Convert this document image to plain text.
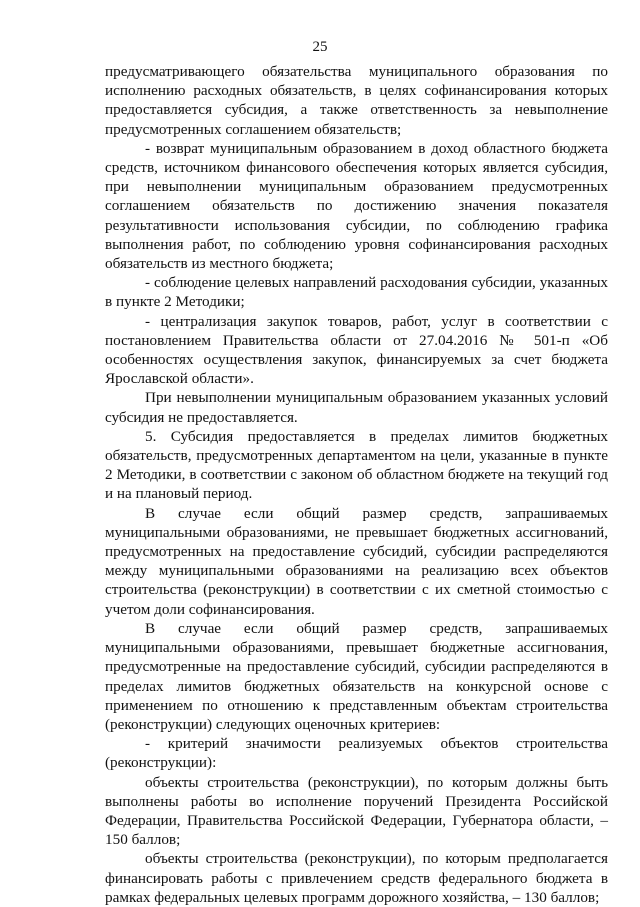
25

предусматривающего обязательства муниципального образования по исполнению расходных обязательств, в целях софинансирования которых предоставляется субсидия, а также ответственность за невыполнение предусмотренных соглашением обязательств;

- возврат муниципальным образованием в доход областного бюджета средств, источником финансового обеспечения которых является субсидия, при невыполнении муниципальным образованием предусмотренных соглашением обязательств по достижению значения показателя результативности использования субсидии, по соблюдению графика выполнения работ, по соблюдению уровня софинансирования расходных обязательств из местного бюджета;

- соблюдение целевых направлений расходования субсидии, указанных в пункте 2 Методики;

- централизация закупок товаров, работ, услуг в соответствии с постановлением Правительства области от 27.04.2016 № 501-п «Об особенностях осуществления закупок, финансируемых за счет бюджета Ярославской области».

При невыполнении муниципальным образованием указанных условий субсидия не предоставляется.

5. Субсидия предоставляется в пределах лимитов бюджетных обязательств, предусмотренных департаментом на цели, указанные в пункте 2 Методики, в соответствии с законом об областном бюджете на текущий год и на плановый период.

В случае если общий размер средств, запрашиваемых муниципальными образованиями, не превышает бюджетных ассигнований, предусмотренных на предоставление субсидий, субсидии распределяются между муниципальными образованиями на реализацию всех объектов строительства (реконструкции) в соответствии с их сметной стоимостью с учетом доли софинансирования.

В случае если общий размер средств, запрашиваемых муниципальными образованиями, превышает бюджетные ассигнования, предусмотренные на предоставление субсидий, субсидии распределяются в пределах лимитов бюджетных обязательств на конкурсной основе с применением по отношению к представленным объектам строительства (реконструкции) следующих оценочных критериев:

- критерий значимости реализуемых объектов строительства (реконструкции):

объекты строительства (реконструкции), по которым должны быть выполнены работы во исполнение поручений Президента Российской Федерации, Правительства Российской Федерации, Губернатора области, – 150 баллов;

объекты строительства (реконструкции), по которым предполагается финансировать работы с привлечением средств федерального бюджета в рамках федеральных целевых программ дорожного хозяйства, – 130 баллов;
